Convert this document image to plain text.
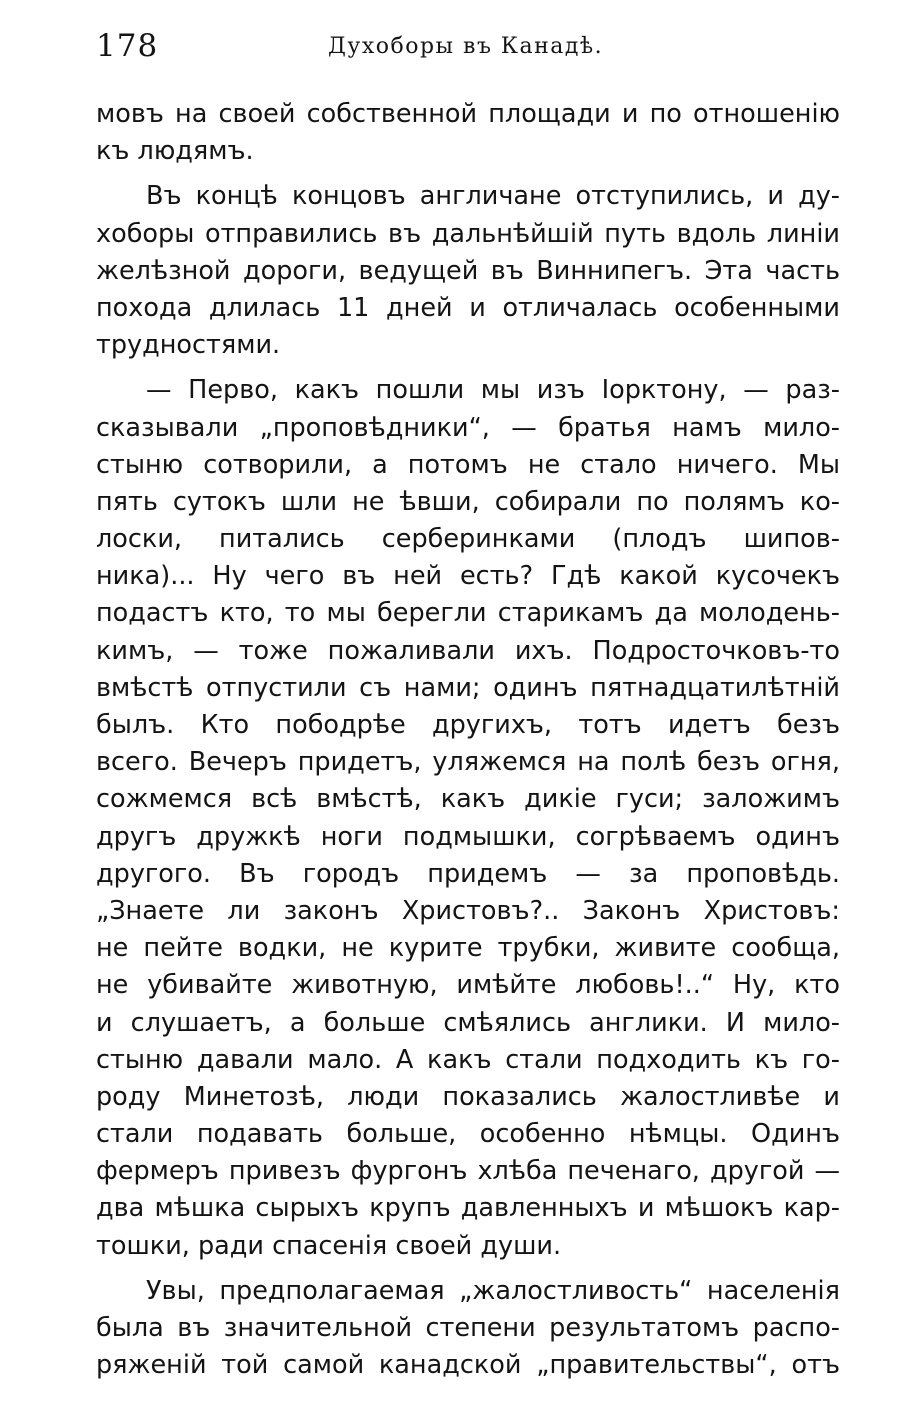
178	Духоборы въ Канадѣ.
мовъ на своей собственной площади и по отношенiю
къ людямъ.
Въ концѣ концовъ англичане отступились, и ду-
хоборы отправились въ дальнѣйшiй путь вдоль линiи
желѣзной дороги, ведущей въ Виннипегъ. Эта часть
похода длилась 11 дней и отличалась особенными
трудностями.
— Перво, какъ пошли мы изъ Iорктону, — раз-
сказывали „проповѣдники“, — братья намъ мило-
стыню сотворили, а потомъ не стало ничего. Мы
пять сутокъ шли не ѣвши, собирали по полямъ ко-
лоски, питались серберинками (плодъ шипов-
ника)... Ну чего въ ней есть? Гдѣ какой кусочекъ
подастъ кто, то мы берегли старикамъ да молодень-
кимъ, — тоже пожаливали ихъ. Подросточковъ-то
вмѣстѣ отпустили съ нами; одинъ пятнадцатилѣтнiй
былъ. Кто пободрѣе другихъ, тотъ идетъ безъ
всего. Вечеръ придетъ, уляжемся на полѣ безъ огня,
сожмемся всѣ вмѣстѣ, какъ дикiе гуси; заложимъ
другъ дружкѣ ноги подмышки, согрѣваемъ одинъ
другого. Въ городъ придемъ — за проповѣдь.
„Знаете ли законъ Христовъ?.. Законъ Христовъ:
не пейте водки, не курите трубки, живите сообща,
не убивайте животную, имѣйте любовь!..“ Ну, кто
и слушаетъ, а больше смѣялись англики. И мило-
стыню давали мало. А какъ стали подходить къ го-
роду Минетозѣ, люди показались жалостливѣе и
стали подавать больше, особенно нѣмцы. Одинъ
фермеръ привезъ фургонъ хлѣба печенаго, другой —
два мѣшка сырыхъ крупъ давленныхъ и мѣшокъ кар-
тошки, ради спасенiя своей души.
Увы, предполагаемая „жалостливость“ населенiя
была въ значительной степени результатомъ распо-
ряженiй той самой канадской „правительствы“, отъ
